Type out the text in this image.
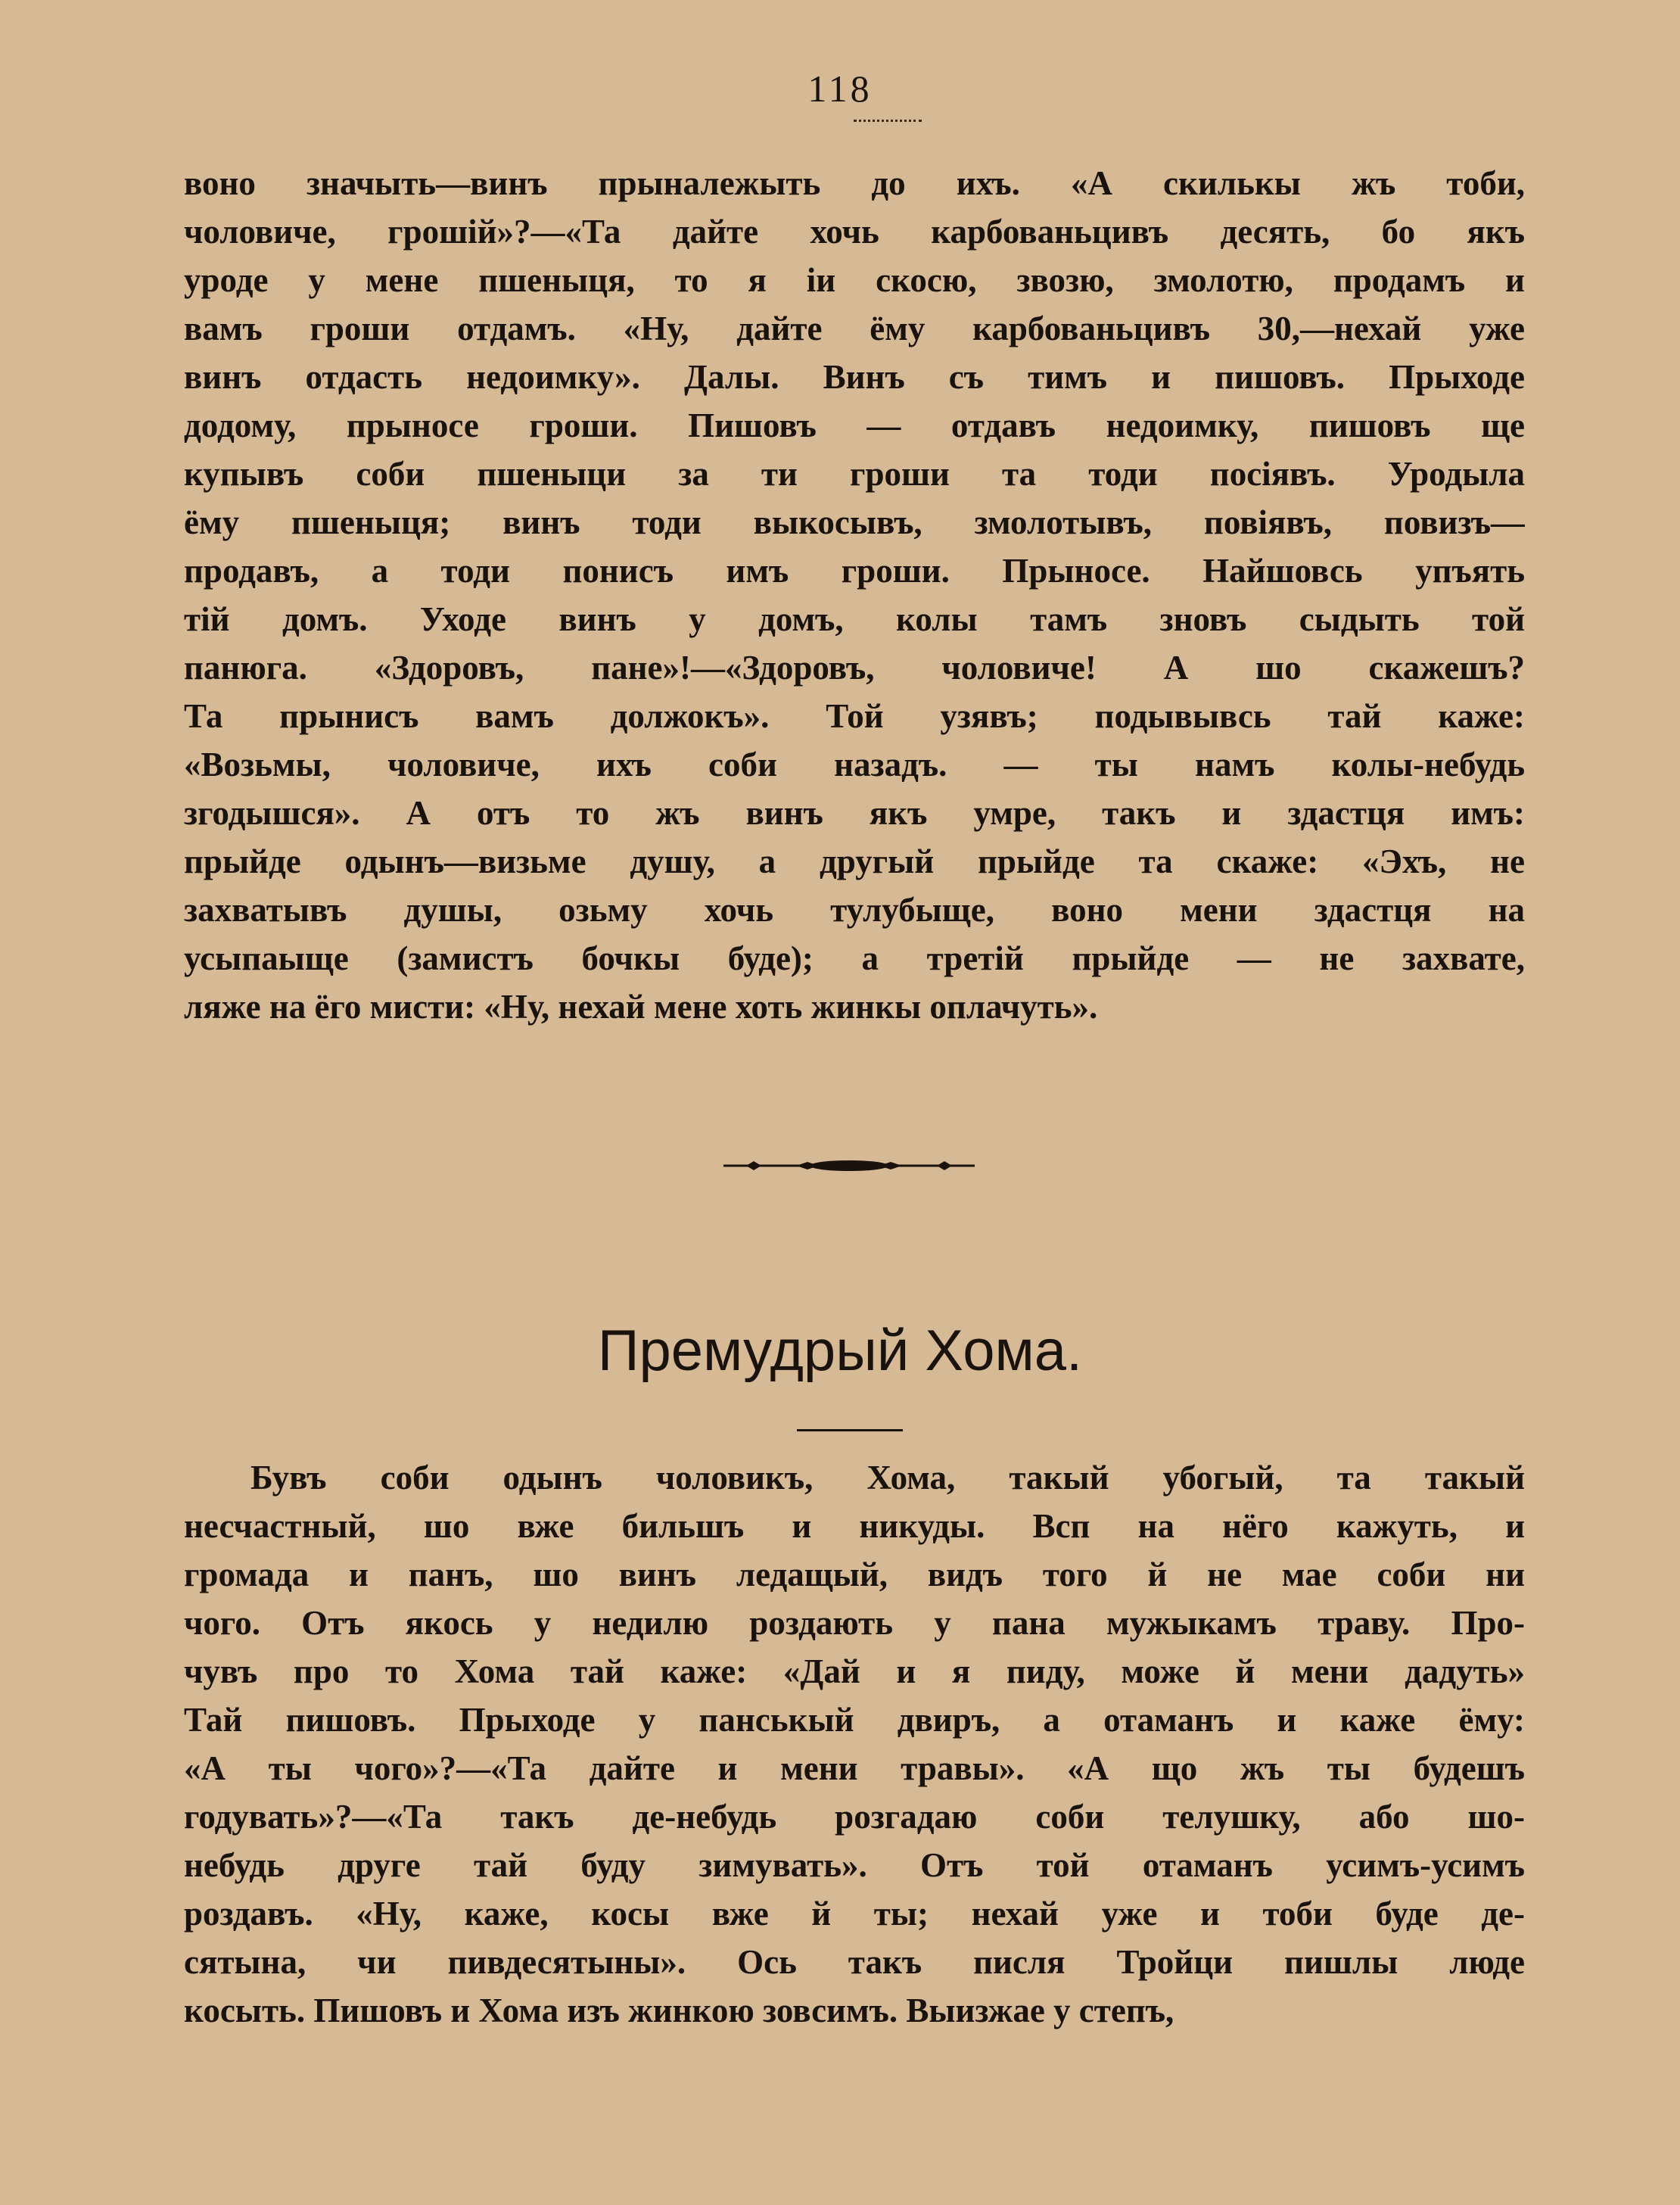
118
воно значыть—винъ прыналежыть до ихъ. «А скилькы жъ тоби,
чоловиче, грошій»?—«Та дайте хочь карбованьцивъ десять, бо якъ
уроде у мене пшеныця, то я іи скосю, звозю, змолотю, продамъ и
вамъ гроши отдамъ. «Ну, дайте ёму карбованьцивъ 30,—нехай уже
винъ отдасть недоимку». Далы. Винъ съ тимъ и пишовъ. Прыходе
додому, прыносе гроши. Пишовъ — отдавъ недоимку, пишовъ ще
купывъ соби пшеныци за ти гроши та тоди посіявъ. Уродыла
ёму пшеныця; винъ тоди выкосывъ, змолотывъ, повіявъ, повизъ—
продавъ, а тоди понисъ имъ гроши. Прыносе. Найшовсь упъять
тій домъ. Уходе винъ у домъ, колы тамъ зновъ сыдыть той
панюга. «Здоровъ, пане»!—«Здоровъ, чоловиче! А шо скажешъ?
Та прынисъ вамъ должокъ». Той узявъ; подывывсь тай каже:
«Возьмы, чоловиче, ихъ соби назадъ. — ты намъ колы-небудь
згодышся». А отъ то жъ винъ якъ умре, такъ и здастця имъ:
прыйде одынъ—визьме душу, а другый прыйде та скаже: «Эхъ, не
захватывъ душы, озьму хочь тулубыще, воно мени здастця на
усыпаыще (замистъ бочкы буде); а третій прыйде — не захвате,
ляже на ёго мисти: «Ну, нехай мене хоть жинкы оплачуть».
Премудрый Хома.
Бувъ соби одынъ чоловикъ, Хома, такый убогый, та такый
несчастный, шо вже бильшъ и никуды. Всп на нёго кажуть, и
громада и панъ, шо винъ ледащый, видъ того й не мае соби ни
чого. Отъ якось у недилю роздають у пана мужыкамъ траву. Про-
чувъ про то Хома тай каже: «Дай и я пиду, може й мени дадуть»
Тай пишовъ. Прыходе у панськый двиръ, а отаманъ и каже ёму:
«А ты чого»?—«Та дайте и мени травы». «А що жъ ты будешъ
годувать»?—«Та такъ де-небудь розгадаю соби телушку, або шо-
небудь друге тай буду зимувать». Отъ той отаманъ усимъ-усимъ
роздавъ. «Ну, каже, косы вже й ты; нехай уже и тоби буде де-
сятына, чи пивдесятыны». Ось такъ писля Тройци пишлы люде
косыть. Пишовъ и Хома изъ жинкою зовсимъ. Выизжае у степъ,
